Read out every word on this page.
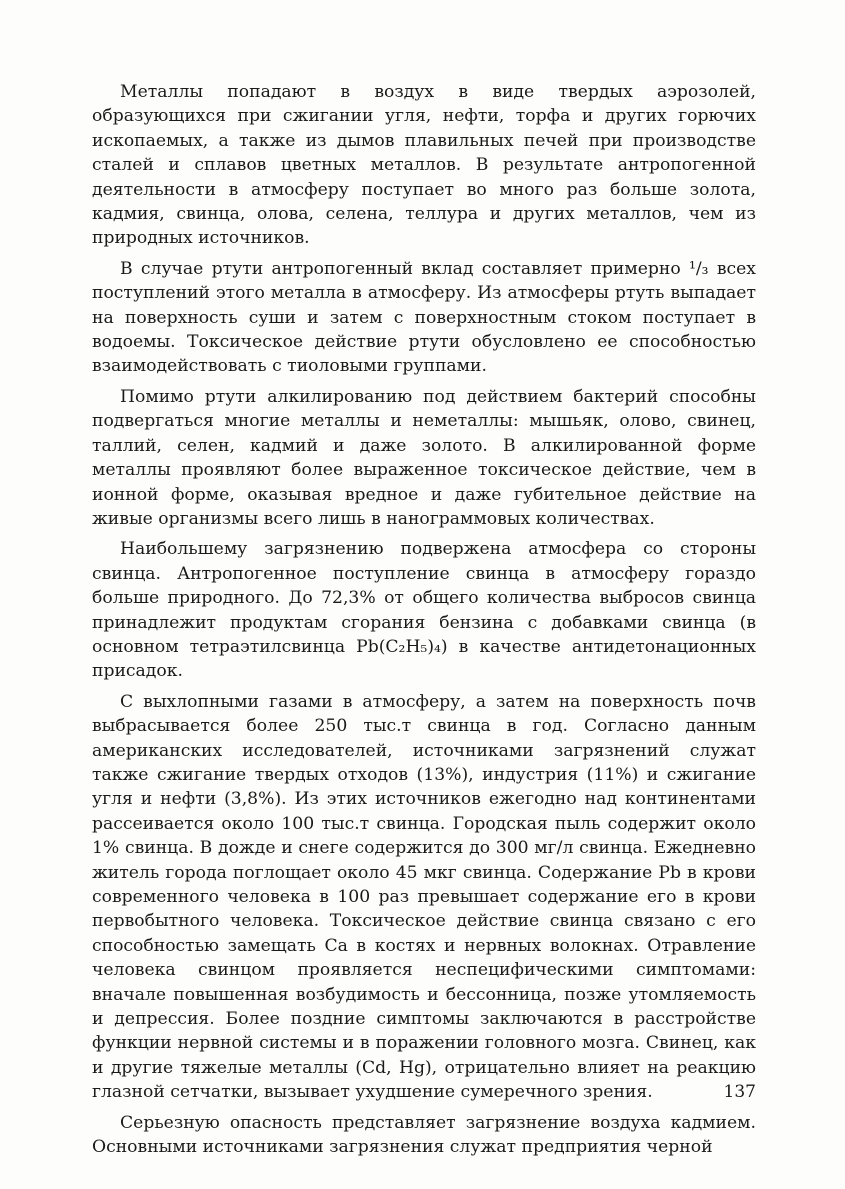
Металлы попадают в воздух в виде твердых аэрозолей, образующихся при сжигании угля, нефти, торфа и других горючих ископаемых, а также из дымов плавильных печей при производстве сталей и сплавов цветных металлов. В результате антропогенной деятельности в атмосферу поступает во много раз больше золота, кадмия, свинца, олова, селена, теллура и других металлов, чем из природных источников.

В случае ртути антропогенный вклад составляет примерно ¹/₃ всех поступлений этого металла в атмосферу. Из атмосферы ртуть выпадает на поверхность суши и затем с поверхностным стоком поступает в водоемы. Токсическое действие ртути обусловлено ее способностью взаимодействовать с тиоловыми группами.

Помимо ртути алкилированию под действием бактерий способны подвергаться многие металлы и неметаллы: мышьяк, олово, свинец, таллий, селен, кадмий и даже золото. В алкилированной форме металлы проявляют более выраженное токсическое действие, чем в ионной форме, оказывая вредное и даже губительное действие на живые организмы всего лишь в нанограммовых количествах.

Наибольшему загрязнению подвержена атмосфера со стороны свинца. Антропогенное поступление свинца в атмосферу гораздо больше природного. До 72,3% от общего количества выбросов свинца принадлежит продуктам сгорания бензина с добавками свинца (в основном тетраэтилсвинца Pb(C₂H₅)₄) в качестве антидетонационных присадок.

С выхлопными газами в атмосферу, а затем на поверхность почв выбрасывается более 250 тыс.т свинца в год. Согласно данным американских исследователей, источниками загрязнений служат также сжигание твердых отходов (13%), индустрия (11%) и сжигание угля и нефти (3,8%). Из этих источников ежегодно над континентами рассеивается около 100 тыс.т свинца. Городская пыль содержит около 1% свинца. В дожде и снеге содержится до 300 мг/л свинца. Ежедневно житель города поглощает около 45 мкг свинца. Содержание Pb в крови современного человека в 100 раз превышает содержание его в крови первобытного человека. Токсическое действие свинца связано с его способностью замещать Ca в костях и нервных волокнах. Отравление человека свинцом проявляется неспецифическими симптомами: вначале повышенная возбудимость и бессонница, позже утомляемость и депрессия. Более поздние симптомы заключаются в расстройстве функции нервной системы и в поражении головного мозга. Свинец, как и другие тяжелые металлы (Cd, Hg), отрицательно влияет на реакцию глазной сетчатки, вызывает ухудшение сумеречного зрения.

Серьезную опасность представляет загрязнение воздуха кадмием. Основными источниками загрязнения служат предприятия черной

137
